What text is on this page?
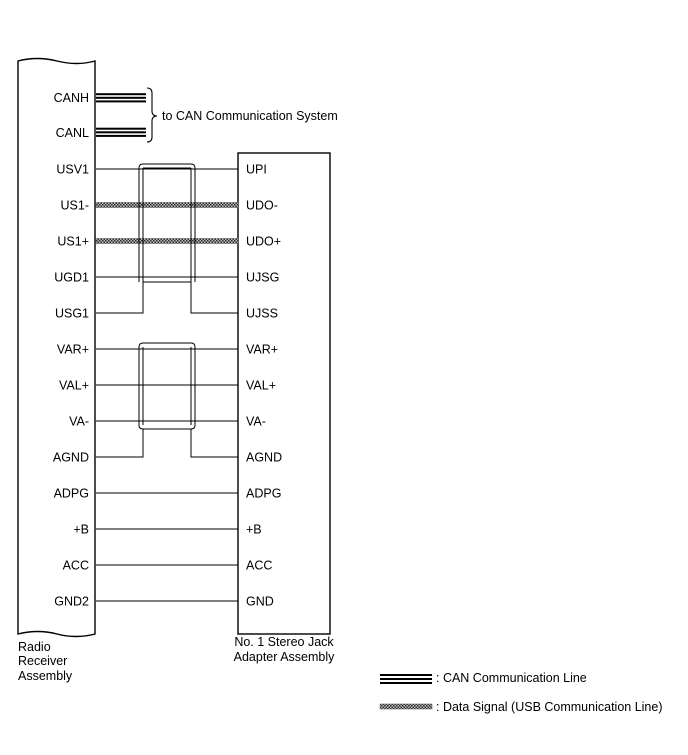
Radio
Receiver
Assembly
No. 1 Stereo Jack
Adapter Assembly
CANH
CANL
to CAN Communication System
USV1	UPI
US1-	UDO-
US1+	UDO+
UGD1	UJSG
USG1	UJSS
VAR+	VAR+
VAL+	VAL+
VA-	VA-
AGND	AGND
ADPG	ADPG
+B	+B
ACC	ACC
GND2	GND
: CAN Communication Line
: Data Signal (USB Communication Line)
